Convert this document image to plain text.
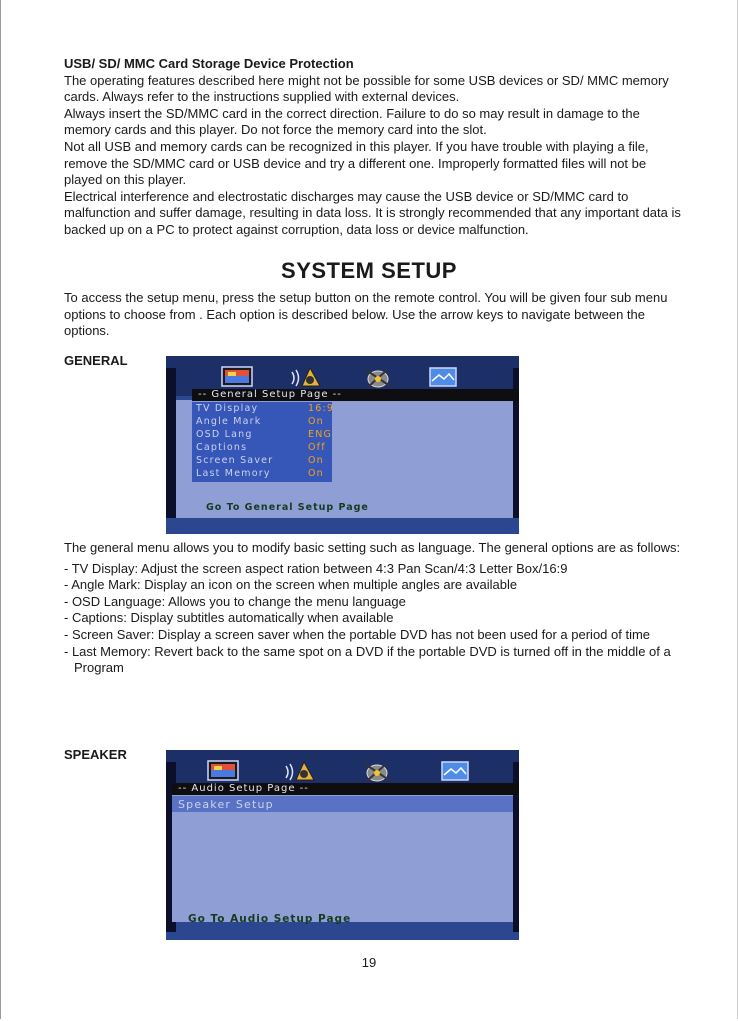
USB/ SD/ MMC Card Storage Device Protection

The operating features described here might not be possible for some USB devices or SD/ MMC memory cards. Always refer to the instructions supplied with external devices.

Always insert the SD/MMC card in the correct direction. Failure to do so may result in damage to the memory cards and this player. Do not force the memory card into the slot.

Not all USB and memory cards can be recognized in this player. If you have trouble with playing a file, remove the SD/MMC card or USB device and try a different one. Improperly formatted files will not be played on this player.

Electrical interference and electrostatic discharges may cause the USB device or SD/MMC card to malfunction and suffer damage, resulting in data loss. It is strongly recommended that any important data is backed up on a PC to protect against corruption, data loss or device malfunction.

SYSTEM SETUP
To access the setup menu, press the setup button on the remote control. You will be given four sub menu options to choose from . Each option is described below. Use the arrow keys to navigate between the options.
GENERAL
-- General Setup Page --
TV Display	16:9
Angle Mark	On
OSD Lang	ENG
Captions	Off
Screen Saver	On
Last Memory	On
Go To General Setup Page

The general menu allows you to modify basic setting such as language. The general options are as follows:

- TV Display: Adjust the screen aspect ration between 4:3 Pan Scan/4:3 Letter Box/16:9

- Angle Mark: Display an icon on the screen when multiple angles are available

- OSD Language: Allows you to change the menu language

- Captions: Display subtitles automatically when available

- Screen Saver: Display a screen saver when the portable DVD has not been used for a period of time

- Last Memory: Revert back to the same spot on a DVD if the portable DVD is turned off in the middle of a Program

SPEAKER
-- Audio Setup Page --
Speaker Setup
Go To Audio Setup Page
19
